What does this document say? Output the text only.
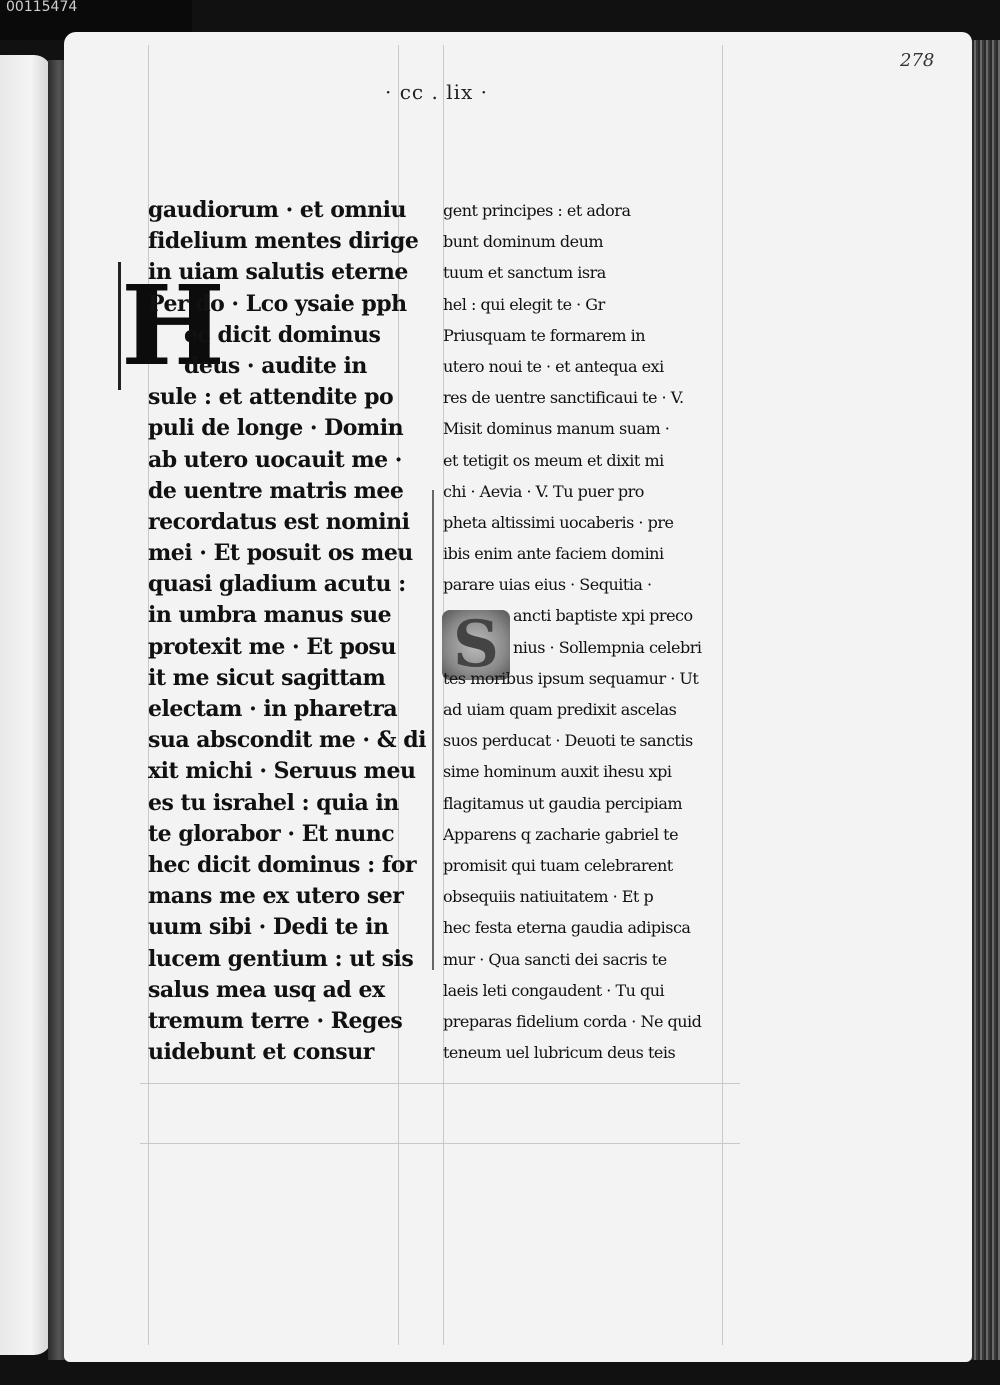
00115474
278
· cc . lix ·
H
S
gaudiorum · et omniu
fidelium mentes dirige
in uiam salutis eterne
Per do · Lco ysaie pph
ec dicit dominus
deus · audite in
sule : et attendite po
puli de longe · Domin
ab utero uocauit me ·
de uentre matris mee
recordatus est nomini
mei · Et posuit os meu
quasi gladium acutu :
in umbra manus sue
protexit me · Et posu
it me sicut sagittam
electam · in pharetra
sua abscondit me · & di
xit michi · Seruus meu
es tu israhel : quia in
te glorabor · Et nunc
hec dicit dominus : for
mans me ex utero ser
uum sibi · Dedi te in
lucem gentium : ut sis
salus mea usq ad ex
tremum terre · Reges
uidebunt et consur
gent principes : et adora
bunt dominum deum
tuum et sanctum isra
hel : qui elegit te · Gr
Priusquam te formarem in
utero noui te · et antequa exi
res de uentre sanctificaui te · V.
Misit dominus manum suam ·
et tetigit os meum et dixit mi
chi · Aevia · V. Tu puer pro
pheta altissimi uocaberis · pre
ibis enim ante faciem domini
parare uias eius · Sequitia ·
ancti baptiste xpi preco
nius · Sollempnia celebri
tes moribus ipsum sequamur · Ut
ad uiam quam predixit ascelas
suos perducat · Deuoti te sanctis
sime hominum auxit ihesu xpi
flagitamus ut gaudia percipiam
Apparens q zacharie gabriel te
promisit qui tuam celebrarent
obsequiis natiuitatem · Et p
hec festa eterna gaudia adipisca
mur · Qua sancti dei sacris te
laeis leti congaudent · Tu qui
preparas fidelium corda · Ne quid
teneum uel lubricum deus teis
